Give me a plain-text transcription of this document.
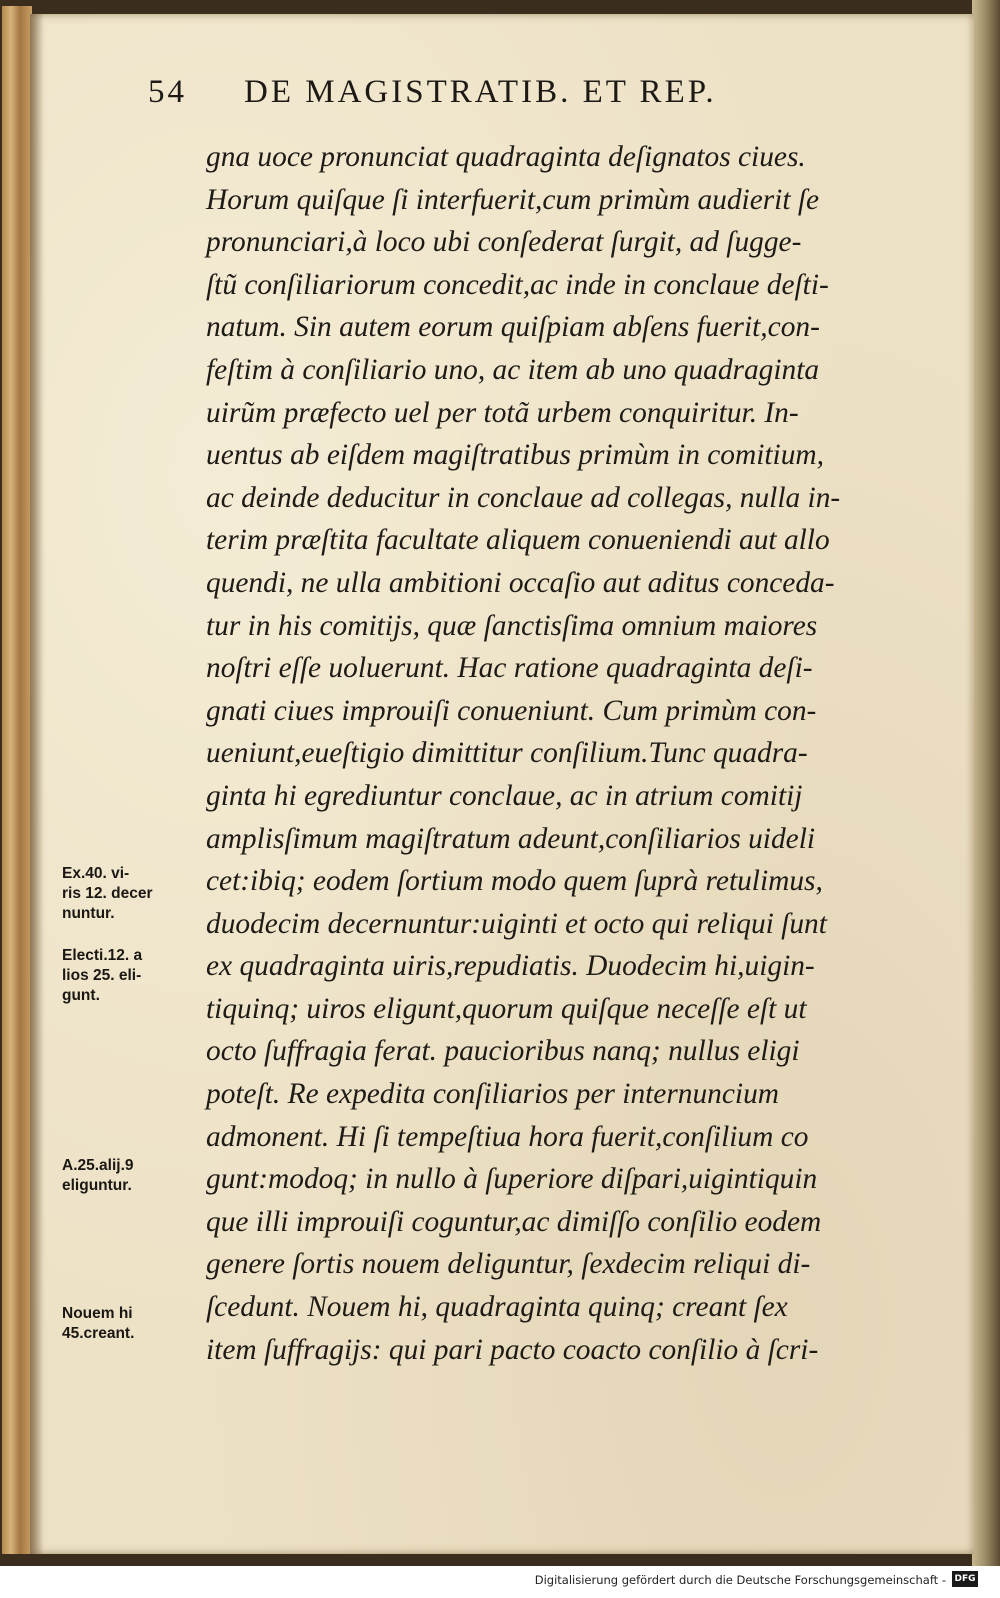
54 DE MAGISTRATIB. ET REP.
gna uoce pronunciat quadraginta deſignatos ciues.
Horum quiſque ſi interfuerit,cum primùm audierit ſe
pronunciari,à loco ubi conſederat ſurgit, ad ſugge-
ſtũ conſiliariorum concedit,ac inde in conclaue deſti-
natum. Sin autem eorum quiſpiam abſens fuerit,con-
feſtim à conſiliario uno, ac item ab uno quadraginta
uirũm præfecto uel per totã urbem conquiritur. In-
uentus ab eiſdem magiſtratibus primùm in comitium,
ac deinde deducitur in conclaue ad collegas, nulla in-
terim præſtita facultate aliquem conueniendi aut allo
quendi, ne ulla ambitioni occaſio aut aditus conceda-
tur in his comitijs, quæ ſanctisſima omnium maiores
noſtri eſſe uoluerunt. Hac ratione quadraginta deſi-
gnati ciues improuiſi conueniunt. Cum primùm con-
ueniunt,eueſtigio dimittitur conſilium.Tunc quadra-
ginta hi egrediuntur conclaue, ac in atrium comitij
amplisſimum magiſtratum adeunt,conſiliarios uideli
cet:ibiq; eodem ſortium modo quem ſuprà retulimus,
duodecim decernuntur:uiginti et octo qui reliqui ſunt
ex quadraginta uiris,repudiatis. Duodecim hi,uigin-
tiquinq; uiros eligunt,quorum quiſque neceſſe eſt ut
octo ſuffragia ferat. paucioribus nanq; nullus eligi
poteſt. Re expedita conſiliarios per internuncium
admonent. Hi ſi tempeſtiua hora fuerit,conſilium co
gunt:modoq; in nullo à ſuperiore diſpari,uigintiquin
que illi improuiſi coguntur,ac dimiſſo conſilio eodem
genere ſortis nouem deliguntur, ſexdecim reliqui di-
ſcedunt. Nouem hi, quadraginta quinq; creant ſex
item ſuffragijs: qui pari pacto coacto conſilio à ſcri-
Ex.40. vi-
ris 12. decer
nuntur.
Electi.12. a
lios 25. eli-
gunt.
A.25.alij.9
eliguntur.
Nouem hi
45.creant.
Digitalisierung gefördert durch die Deutsche Forschungsgemeinschaft - DFG
